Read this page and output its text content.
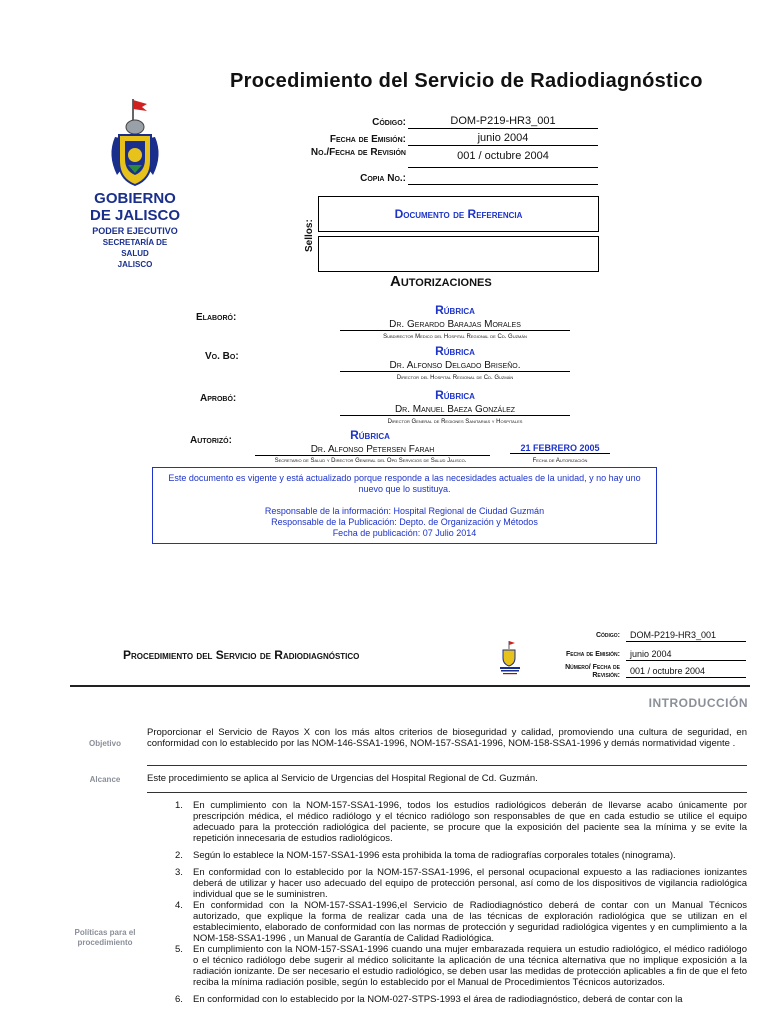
Procedimiento del Servicio de Radiodiagnóstico
GOBIERNO
DE JALISCO
PODER EJECUTIVO
SECRETARÍA DE
SALUD
JALISCO
Código:	DOM-P219-HR3_001
Fecha de Emisión:	junio 2004
No./Fecha de Revisión	001 / octubre 2004
Copia No.:
Sellos:
Documento de Referencia
Autorizaciones
Elaboró:
Rúbrica
Dr. Gerardo Barajas Morales
Subdirector Medico del Hospital Regional de Cd. Guzmán
Vo. Bo:	Rúbrica
Dr. Alfonso Delgado Briseño.
Director del Hospital Regional de Cd. Guzmán
Aprobó:	Rúbrica
Dr. Manuel Baeza González
Director General de Regiones Sanitarias y Hospitales
Autorizó:	Rúbrica
Dr. Alfonso Petersen Farah
Secretario de Salud y Director General del Opd Servicios de Salud Jalisco.
21 FEBRERO 2005
Fecha de Autorización
Este documento es vigente y está actualizado porque responde a las necesidades actuales de la unidad, y no hay uno nuevo que lo sustituya.
Responsable de la información: Hospital Regional de Ciudad Guzmán
Responsable de la Publicación: Depto. de Organización y Métodos
Fecha de publicación: 07 Julio 2014
Procedimiento del Servicio de Radiodiagnóstico
Código:	DOM-P219-HR3_001
Fecha de Emisión:	junio 2004
Número/ Fecha de Revisión:	001 / octubre 2004
INTRODUCCIÓN
Objetivo
Proporcionar el Servicio de Rayos X con los más altos criterios de bioseguridad y calidad, promoviendo una cultura de seguridad, en conformidad con lo establecido por las NOM-146-SSA1-1996, NOM-157-SSA1-1996, NOM-158-SSA1-1996 y demás normatividad vigente .
Alcance	Este procedimiento se aplica al Servicio de Urgencias del Hospital Regional de Cd. Guzmán.
Políticas para el procedimiento
1. En cumplimiento con la NOM-157-SSA1-1996, todos los estudios radiológicos deberán de llevarse acabo únicamente por prescripción médica, el médico radiólogo y el técnico radiólogo son responsables de que en cada estudio se utilice el equipo adecuado para la protección radiológica del paciente, se procure que la exposición del paciente sea la mínima y se evite la repetición innecesaria de estudios radiológicos.
2. Según lo establece la NOM-157-SSA1-1996 esta prohibida la toma de radiografías corporales totales (ninograma).
3. En conformidad con lo establecido por la NOM-157-SSA1-1996, el personal ocupacional expuesto a las radiaciones ionizantes deberá de utilizar y hacer uso adecuado del equipo de protección personal, así como de los dispositivos de vigilancia radiológica individual que se le suministren.
4. En conformidad con la NOM-157-SSA1-1996,el Servicio de Radiodiagnóstico deberá de contar con un Manual Técnicos autorizado, que explique la forma de realizar cada una de las técnicas de exploración radiológica que se utilizan en el establecimiento, elaborado de conformidad con las normas de protección y seguridad radiológica vigentes y en cumplimiento a la NOM-158-SSA1-1996 , un Manual de Garantía de Calidad Radiológica.
5. En cumplimiento con la NOM-157-SSA1-1996 cuando una mujer embarazada requiera un estudio radiológico, el médico radiólogo o el técnico radiólogo debe sugerir al médico solicitante la aplicación de una técnica alternativa que no implique exposición a la radiación ionizante. De ser necesario el estudio radiológico, se deben usar las medidas de protección aplicables a fin de que el feto reciba la mínima radiación posible, según lo establecido por el Manual de Procedimientos Técnicos autorizados.
6. En conformidad con lo establecido por la NOM-027-STPS-1993 el área de radiodiagnóstico, deberá de contar con la
